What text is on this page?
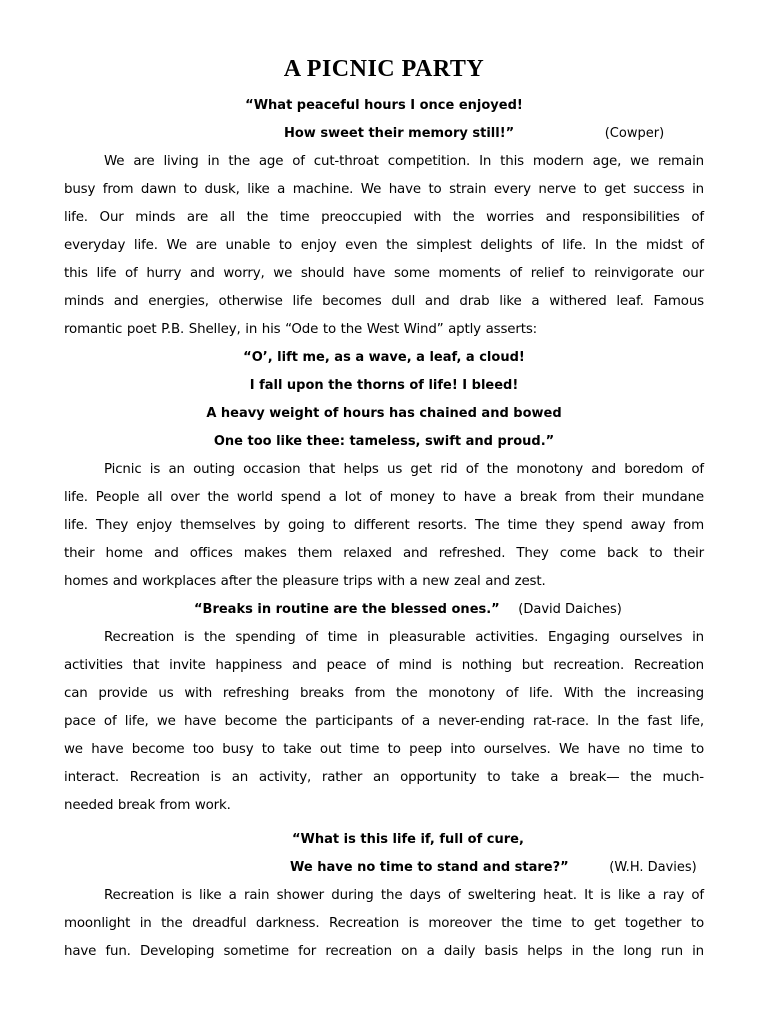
A PICNIC PARTY
“What peaceful hours I once enjoyed!
How sweet their memory still!”	(Cowper)

We are living in the age of cut-throat competition. In this modern age, we remain
busy from dawn to dusk, like a machine. We have to strain every nerve to get success in
life. Our minds are all the time preoccupied with the worries and responsibilities of
everyday life. We are unable to enjoy even the simplest delights of life. In the midst of
this life of hurry and worry, we should have some moments of relief to reinvigorate our
minds and energies, otherwise life becomes dull and drab like a withered leaf. Famous
romantic poet P.B. Shelley, in his “Ode to the West Wind” aptly asserts:

“O’, lift me, as a wave, a leaf, a cloud!
I fall upon the thorns of life! I bleed!
A heavy weight of hours has chained and bowed
One too like thee: tameless, swift and proud.”

Picnic is an outing occasion that helps us get rid of the monotony and boredom of
life. People all over the world spend a lot of money to have a break from their mundane
life. They enjoy themselves by going to different resorts. The time they spend away from
their home and offices makes them relaxed and refreshed. They come back to their
homes and workplaces after the pleasure trips with a new zeal and zest.

“Breaks in routine are the blessed ones.” (David Daiches)

Recreation is the spending of time in pleasurable activities. Engaging ourselves in
activities that invite happiness and peace of mind is nothing but recreation. Recreation
can provide us with refreshing breaks from the monotony of life. With the increasing
pace of life, we have become the participants of a never-ending rat-race. In the fast life,
we have become too busy to take out time to peep into ourselves. We have no time to
interact. Recreation is an activity, rather an opportunity to take a break— the much-
needed break from work.

“What is this life if, full of cure,
We have no time to stand and stare?”	(W.H. Davies)

Recreation is like a rain shower during the days of sweltering heat. It is like a ray of
moonlight in the dreadful darkness. Recreation is moreover the time to get together to
have fun. Developing sometime for recreation on a daily basis helps in the long run in
